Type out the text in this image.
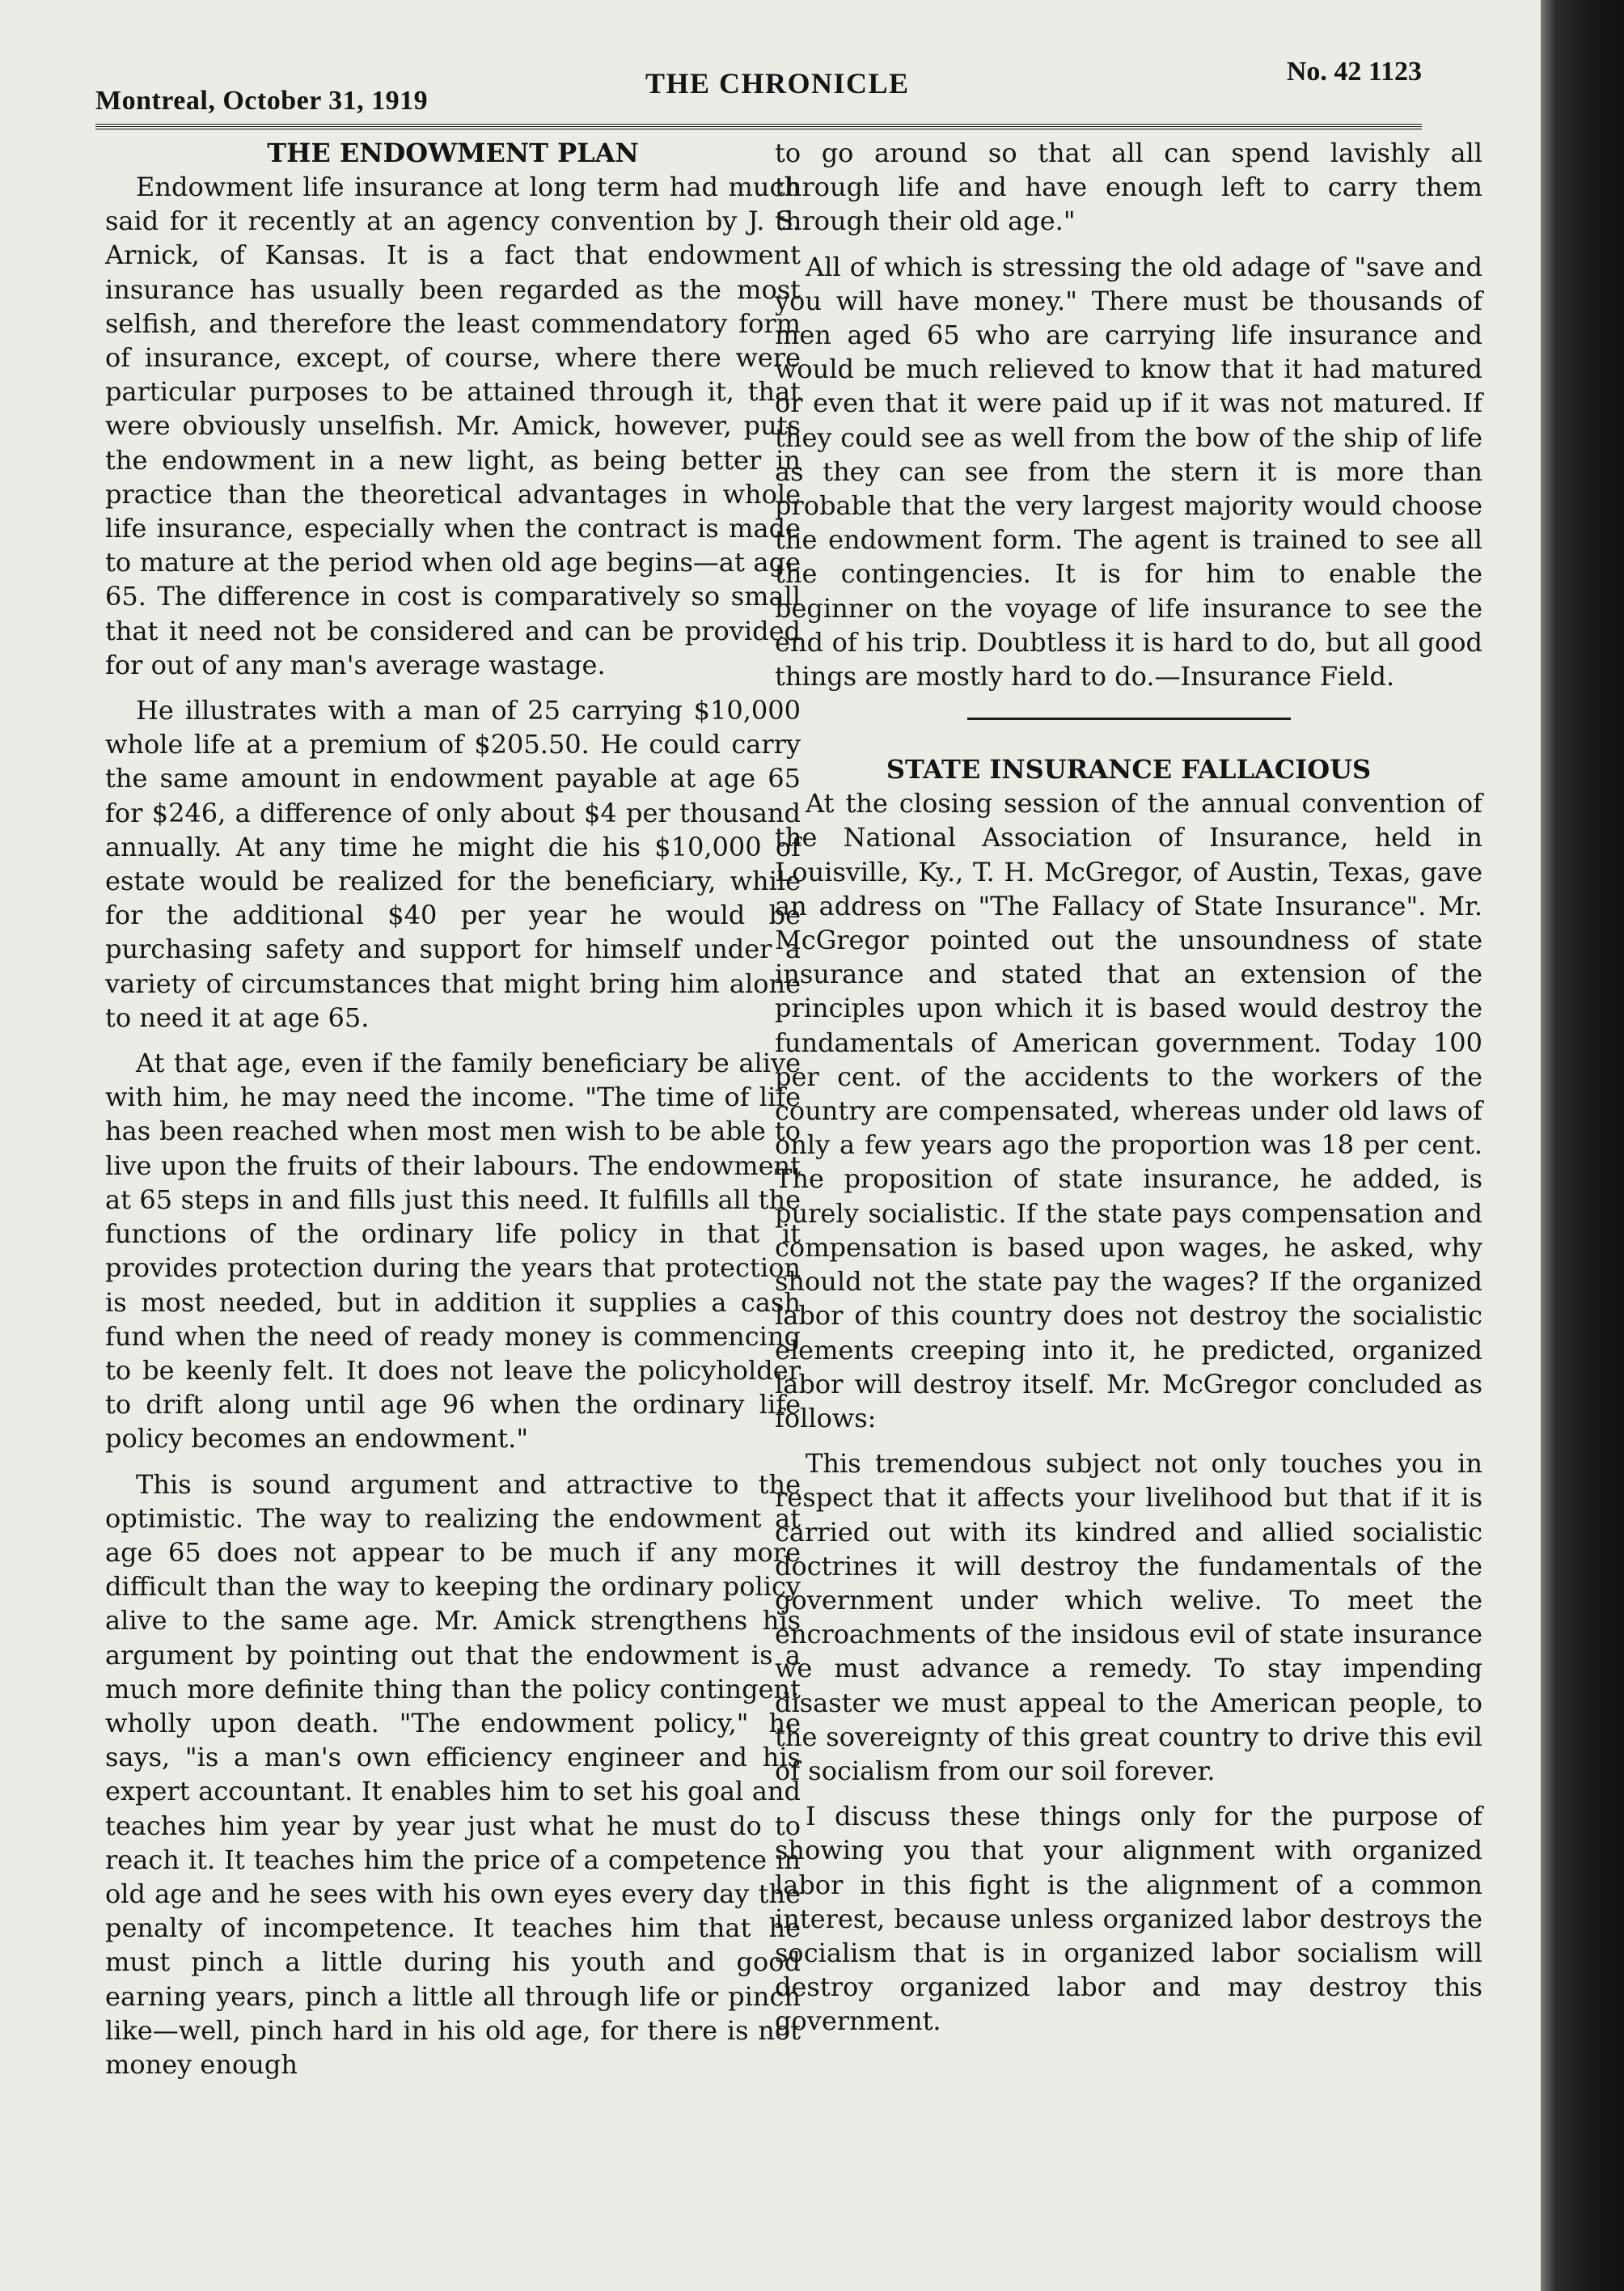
Montreal, October 31, 1919
THE CHRONICLE	No. 42 1123
THE ENDOWMENT PLAN

Endowment life insurance at long term had much said for it recently at an agency convention by J. S. Arnick, of Kansas. It is a fact that endowment insurance has usually been regarded as the most selfish, and therefore the least commendatory form of insurance, except, of course, where there were particular purposes to be attained through it, that were obviously unselfish. Mr. Amick, however, puts the endowment in a new light, as being better in practice than the theoretical advantages in whole life insurance, especially when the contract is made to mature at the period when old age begins—at age 65. The difference in cost is comparatively so small that it need not be considered and can be provided for out of any man's average wastage.

He illustrates with a man of 25 carrying $10,000 whole life at a premium of $205.50. He could carry the same amount in endowment payable at age 65 for $246, a difference of only about $4 per thousand annually. At any time he might die his $10,000 of estate would be realized for the beneficiary, while for the additional $40 per year he would be purchasing safety and support for himself under a variety of circumstances that might bring him alone to need it at age 65.

At that age, even if the family beneficiary be alive with him, he may need the income. "The time of life has been reached when most men wish to be able to live upon the fruits of their labours. The endowment at 65 steps in and fills just this need. It fulfills all the functions of the ordinary life policy in that it provides protection during the years that protection is most needed, but in addition it supplies a cash fund when the need of ready money is commencing to be keenly felt. It does not leave the policyholder to drift along until age 96 when the ordinary life policy becomes an endowment."

This is sound argument and attractive to the optimistic. The way to realizing the endowment at age 65 does not appear to be much if any more difficult than the way to keeping the ordinary policy alive to the same age. Mr. Amick strengthens his argument by pointing out that the endowment is a much more definite thing than the policy contingent wholly upon death. "The endowment policy," he says, "is a man's own efficiency engineer and his expert accountant. It enables him to set his goal and teaches him year by year just what he must do to reach it. It teaches him the price of a competence in old age and he sees with his own eyes every day the penalty of incompetence. It teaches him that he must pinch a little during his youth and good earning years, pinch a little all through life or pinch like—well, pinch hard in his old age, for there is not money enough

to go around so that all can spend lavishly all through life and have enough left to carry them through their old age."

All of which is stressing the old adage of "save and you will have money." There must be thousands of men aged 65 who are carrying life insurance and would be much relieved to know that it had matured or even that it were paid up if it was not matured. If they could see as well from the bow of the ship of life as they can see from the stern it is more than probable that the very largest majority would choose the endowment form. The agent is trained to see all the contingencies. It is for him to enable the beginner on the voyage of life insurance to see the end of his trip. Doubtless it is hard to do, but all good things are mostly hard to do.—Insurance Field.

STATE INSURANCE FALLACIOUS

At the closing session of the annual convention of the National Association of Insurance, held in Louisville, Ky., T. H. McGregor, of Austin, Texas, gave an address on "The Fallacy of State Insurance". Mr. McGregor pointed out the unsoundness of state insurance and stated that an extension of the principles upon which it is based would destroy the fundamentals of American government. Today 100 per cent. of the accidents to the workers of the country are compensated, whereas under old laws of only a few years ago the proportion was 18 per cent. The proposition of state insurance, he added, is purely socialistic. If the state pays compensation and compensation is based upon wages, he asked, why should not the state pay the wages? If the organized labor of this country does not destroy the socialistic elements creeping into it, he predicted, organized labor will destroy itself. Mr. McGregor concluded as follows:

This tremendous subject not only touches you in respect that it affects your livelihood but that if it is carried out with its kindred and allied socialistic doctrines it will destroy the fundamentals of the government under which welive. To meet the encroachments of the insidous evil of state insurance we must advance a remedy. To stay impending disaster we must appeal to the American people, to the sovereignty of this great country to drive this evil of socialism from our soil forever.

I discuss these things only for the purpose of showing you that your alignment with organized labor in this fight is the alignment of a common interest, because unless organized labor destroys the socialism that is in organized labor socialism will destroy organized labor and may destroy this government.
